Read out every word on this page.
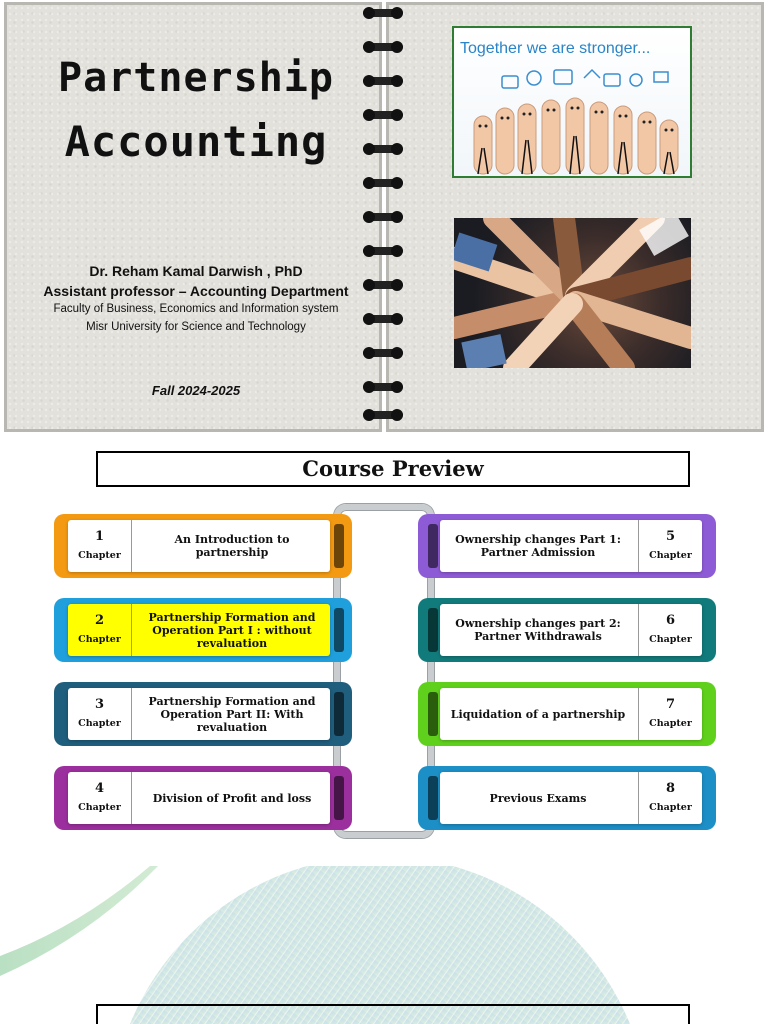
Partnership
Accounting
Dr. Reham Kamal Darwish , PhD
Assistant professor – Accounting Department
Faculty of Business, Economics and Information system
Misr University for Science and Technology
Fall 2024-2025
Together we are stronger...
Course Preview
1
Chapter
An Introduction to partnership
2
Chapter
Partnership Formation and Operation Part I : without revaluation
3
Chapter
Partnership Formation and Operation Part II: With revaluation
4
Chapter
Division of Profit and loss
Ownership changes Part 1: Partner Admission
5
Chapter
Ownership changes part 2: Partner Withdrawals
6
Chapter
Liquidation of a partnership
7
Chapter
Previous Exams
8
Chapter
